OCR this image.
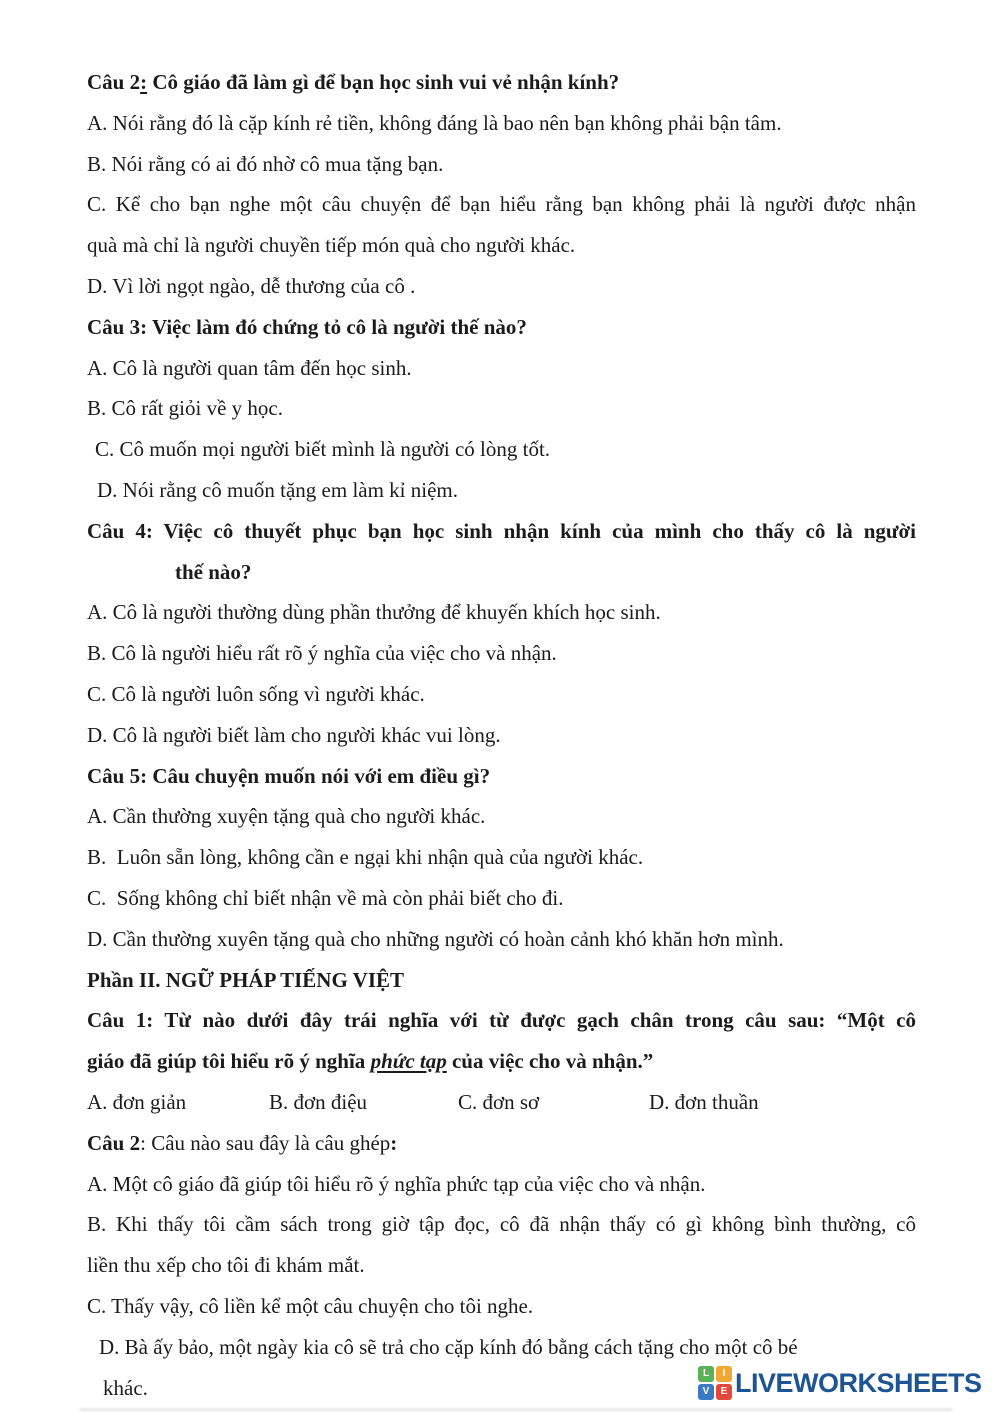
Câu 2: Cô giáo đã làm gì để bạn học sinh vui vẻ nhận kính?
A. Nói rằng đó là cặp kính rẻ tiền, không đáng là bao nên bạn không phải bận tâm.
B. Nói rằng có ai đó nhờ cô mua tặng bạn.
C. Kể cho bạn nghe một câu chuyện để bạn hiểu rằng bạn không phải là người được nhận
quà mà chỉ là người chuyền tiếp món quà cho người khác.
D. Vì lời ngọt ngào, dễ thương của cô .
Câu 3: Việc làm đó chứng tỏ cô là người thế nào?
A. Cô là người quan tâm đến học sinh.
B. Cô rất giỏi về y học.
C. Cô muốn mọi người biết mình là người có lòng tốt.
D. Nói rằng cô muốn tặng em làm kỉ niệm.
Câu 4: Việc cô thuyết phục bạn học sinh nhận kính của mình cho thấy cô là người
thế nào?
A. Cô là người thường dùng phần thưởng để khuyến khích học sinh.
B. Cô là người hiểu rất rõ ý nghĩa của việc cho và nhận.
C. Cô là người luôn sống vì người khác.
D. Cô là người biết làm cho người khác vui lòng.
Câu 5: Câu chuyện muốn nói với em điều gì?
A. Cần thường xuyện tặng quà cho người khác.
B.  Luôn sẵn lòng, không cần e ngại khi nhận quà của người khác.
C.  Sống không chỉ biết nhận về mà còn phải biết cho đi.
D. Cần thường xuyên tặng quà cho những người có hoàn cảnh khó khăn hơn mình.
Phần II. NGỮ PHÁP TIẾNG VIỆT
Câu 1: Từ nào dưới đây trái nghĩa với từ được gạch chân trong câu sau: “Một cô
giáo đã giúp tôi hiểu rõ ý nghĩa phức tạp của việc cho và nhận.”
A. đơn giản	B. đơn điệu	C. đơn sơ	D. đơn thuần
Câu 2: Câu nào sau đây là câu ghép:
A. Một cô giáo đã giúp tôi hiểu rõ ý nghĩa phức tạp của việc cho và nhận.
B. Khi thấy tôi cầm sách trong giờ tập đọc, cô đã nhận thấy có gì không bình thường, cô
liền thu xếp cho tôi đi khám mắt.
C. Thấy vậy, cô liền kể một câu chuyện cho tôi nghe.
D. Bà ấy bảo, một ngày kia cô sẽ trả cho cặp kính đó bằng cách tặng cho một cô bé
khác.
L	I
V	E LIVEWORKSHEETS
